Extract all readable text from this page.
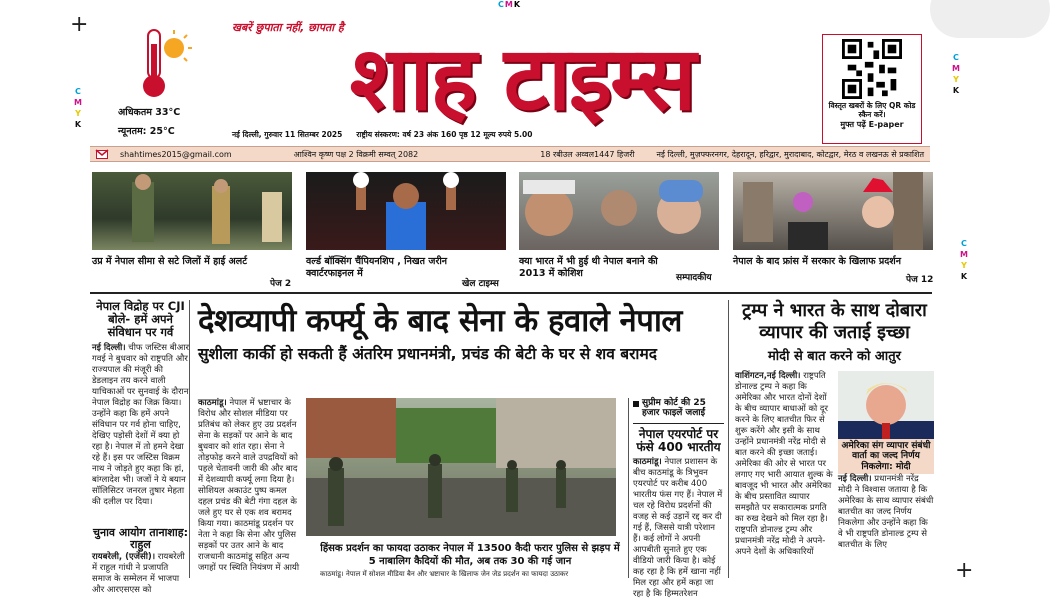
+
+
CMK
C
M
Y
K
C
M
Y
K
C
M
Y
K
अधिकतम 33°C
न्यूनतम: 25°C
खबरें छुपाता नहीं, छापता है शाह टाइम्स	विस्तृत खबरों के लिए QR कोड स्कैन करें।
मुफ्त पढ़ें E-paper
नई दिल्ली, गुरुवार 11 सितम्बर 2025 राष्ट्रीय संस्करण: वर्ष 23 अंक 160 पृष्ठ 12 मूल्य रुपये 5.00
shahtimes2015@gmail.com	आश्विन कृष्ण पक्ष 2 विक्रमी सम्वत् 2082	18 रबीउल अव्वल1447 हिजरी	नई दिल्ली, मुज़फ्फरनगर, देहरादून, हरिद्वार, मुरादाबाद, कोटद्वार, मेरठ व लखनऊ से प्रकाशित
उप्र में नेपाल सीमा से सटे जिलों में हाई अलर्ट
पेज 2
वर्ल्ड बॉक्सिंग चैंपियनशिप , निखत जरीन क्वार्टरफाइनल में
खेल टाइम्स
क्या भारत में भी हुई थी नेपाल बनाने की 2013 में कोशिश	सम्पादकीय
नेपाल के बाद फ्रांस में सरकार के खिलाफ प्रदर्शन
पेज 12
नेपाल विद्रोह पर CJI बोले- हमें अपने संविधान पर गर्व
नई दिल्ली। चीफ जस्टिस बीआर गवई ने बुधवार को राष्ट्रपति और राज्यपाल की मंजूरी की डेडलाइन तय करने वाली याचिकाओं पर सुनवाई के दौरान नेपाल विद्रोह का जिक्र किया। उन्होंने कहा कि हमें अपने संविधान पर गर्व होना चाहिए, देखिए पड़ोसी देशों में क्या हो रहा है। नेपाल में तो हमने देखा रहे हैं। इस पर जस्टिस विक्रम नाथ ने जोड़ते हुए कहा कि हां, बांग्लादेश भी। जजों ने ये बयान सॉलिसिटर जनरल तुषार मेहता की दलील पर दिया।
चुनाव आयोग तानाशाह: राहुल
रायबरेली, (एजेंसी)। रायबरेली में राहुल गांधी ने प्रजापति समाज के सम्मेलन में भाजपा और आरएसएस को
देशव्यापी कर्फ्यू के बाद सेना के हवाले नेपाल
सुशीला कार्की हो सकती हैं अंतरिम प्रधानमंत्री, प्रचंड की बेटी के घर से शव बरामद
काठमांडू। नेपाल में भ्रष्टाचार के विरोध और सोशल मीडिया पर प्रतिबंध को लेकर हुए उग्र प्रदर्शन सेना के सड़कों पर आने के बाद बुधवार को शांत रहा। सेना ने तोड़फोड़ करने वाले उपद्रवियों को पहले चेतावनी जारी की और बाद में देशव्यापी कर्फ्यू लगा दिया है। सोशियल अकाउंट पुष्प कमल दहल प्रचंड की बेटी गंगा दहल के जले हुए घर से एक शव बरामद किया गया। काठमांडू प्रदर्शन पर नेता ने कहा कि सेना और पुलिस सड़कों पर उतर आने के बाद राजधानी काठमांडू सहित अन्य जगहों पर स्थिति नियंत्रण में आयी
हिंसक प्रदर्शन का फायदा उठाकर नेपाल में 13500 कैदी फरार पुलिस से झड़प में 5 नाबालिग कैदियों की मौत, अब तक 30 की गई जान
काठमांडू। नेपाल में सोशल मीडिया बैन और भ्रष्टाचार के खिलाफ जेन जेड प्रदर्शन का फायदा उठाकर
सुप्रीम कोर्ट की 25 हजार फाइलें जलाईं
नेपाल एयरपोर्ट पर फंसे 400 भारतीय
काठमांडू। नेपाल प्रशासन के बीच काठमांडू के त्रिभुवन एयरपोर्ट पर करीब 400 भारतीय फंस गए हैं। नेपाल में चल रहे विरोध प्रदर्शनों की वजह से कई उड़ानें रद्द कर दी गई हैं, जिससे यात्री परेशान हैं। कई लोगों ने अपनी आपबीती सुनाते हुए एक वीडियो जारी किया है। कोई कह रहा है कि हमें खाना नहीं मिल रहा और हमें कहा जा रहा है कि हिम्मतरेशन
ट्रम्प ने भारत के साथ दोबारा व्यापार की जताई इच्छा
मोदी से बात करने को आतुर
वाशिंगटन,नई दिल्ली। राष्ट्रपति डोनाल्ड ट्रम्प ने कहा कि अमेरिका और भारत दोनों देशों के बीच व्यापार बाधाओं को दूर करने के लिए बातचीत फिर से शुरू करेंगे और इसी के साथ उन्होंने प्रधानमंत्री नरेंद्र मोदी से बात करने की इच्छा जताई। अमेरिका की ओर से भारत पर लगाए गए भारी आयात शुल्क के बावजूद भी भारत और अमेरिका के बीच प्रस्तावित व्यापार समझौते पर सकारात्मक प्रगति का रुख देखने को मिल रहा है। राष्ट्रपति डोनाल्ड ट्रम्प और प्रधानमंत्री नरेंद्र मोदी ने अपने-अपने देशों के अधिकारियों
अमेरिका संग व्यापार संबंधी वार्ता का जल्द निर्णय निकलेगा: मोदी
नई दिल्ली। प्रधानमंत्री नरेंद्र मोदी ने विश्वास जताया है कि अमेरिका के साथ व्यापार संबंधी बातचीत का जल्द निर्णय निकलेगा और उन्होंने कहा कि वे भी राष्ट्रपति डोनाल्ड ट्रम्प से बातचीत के लिए
